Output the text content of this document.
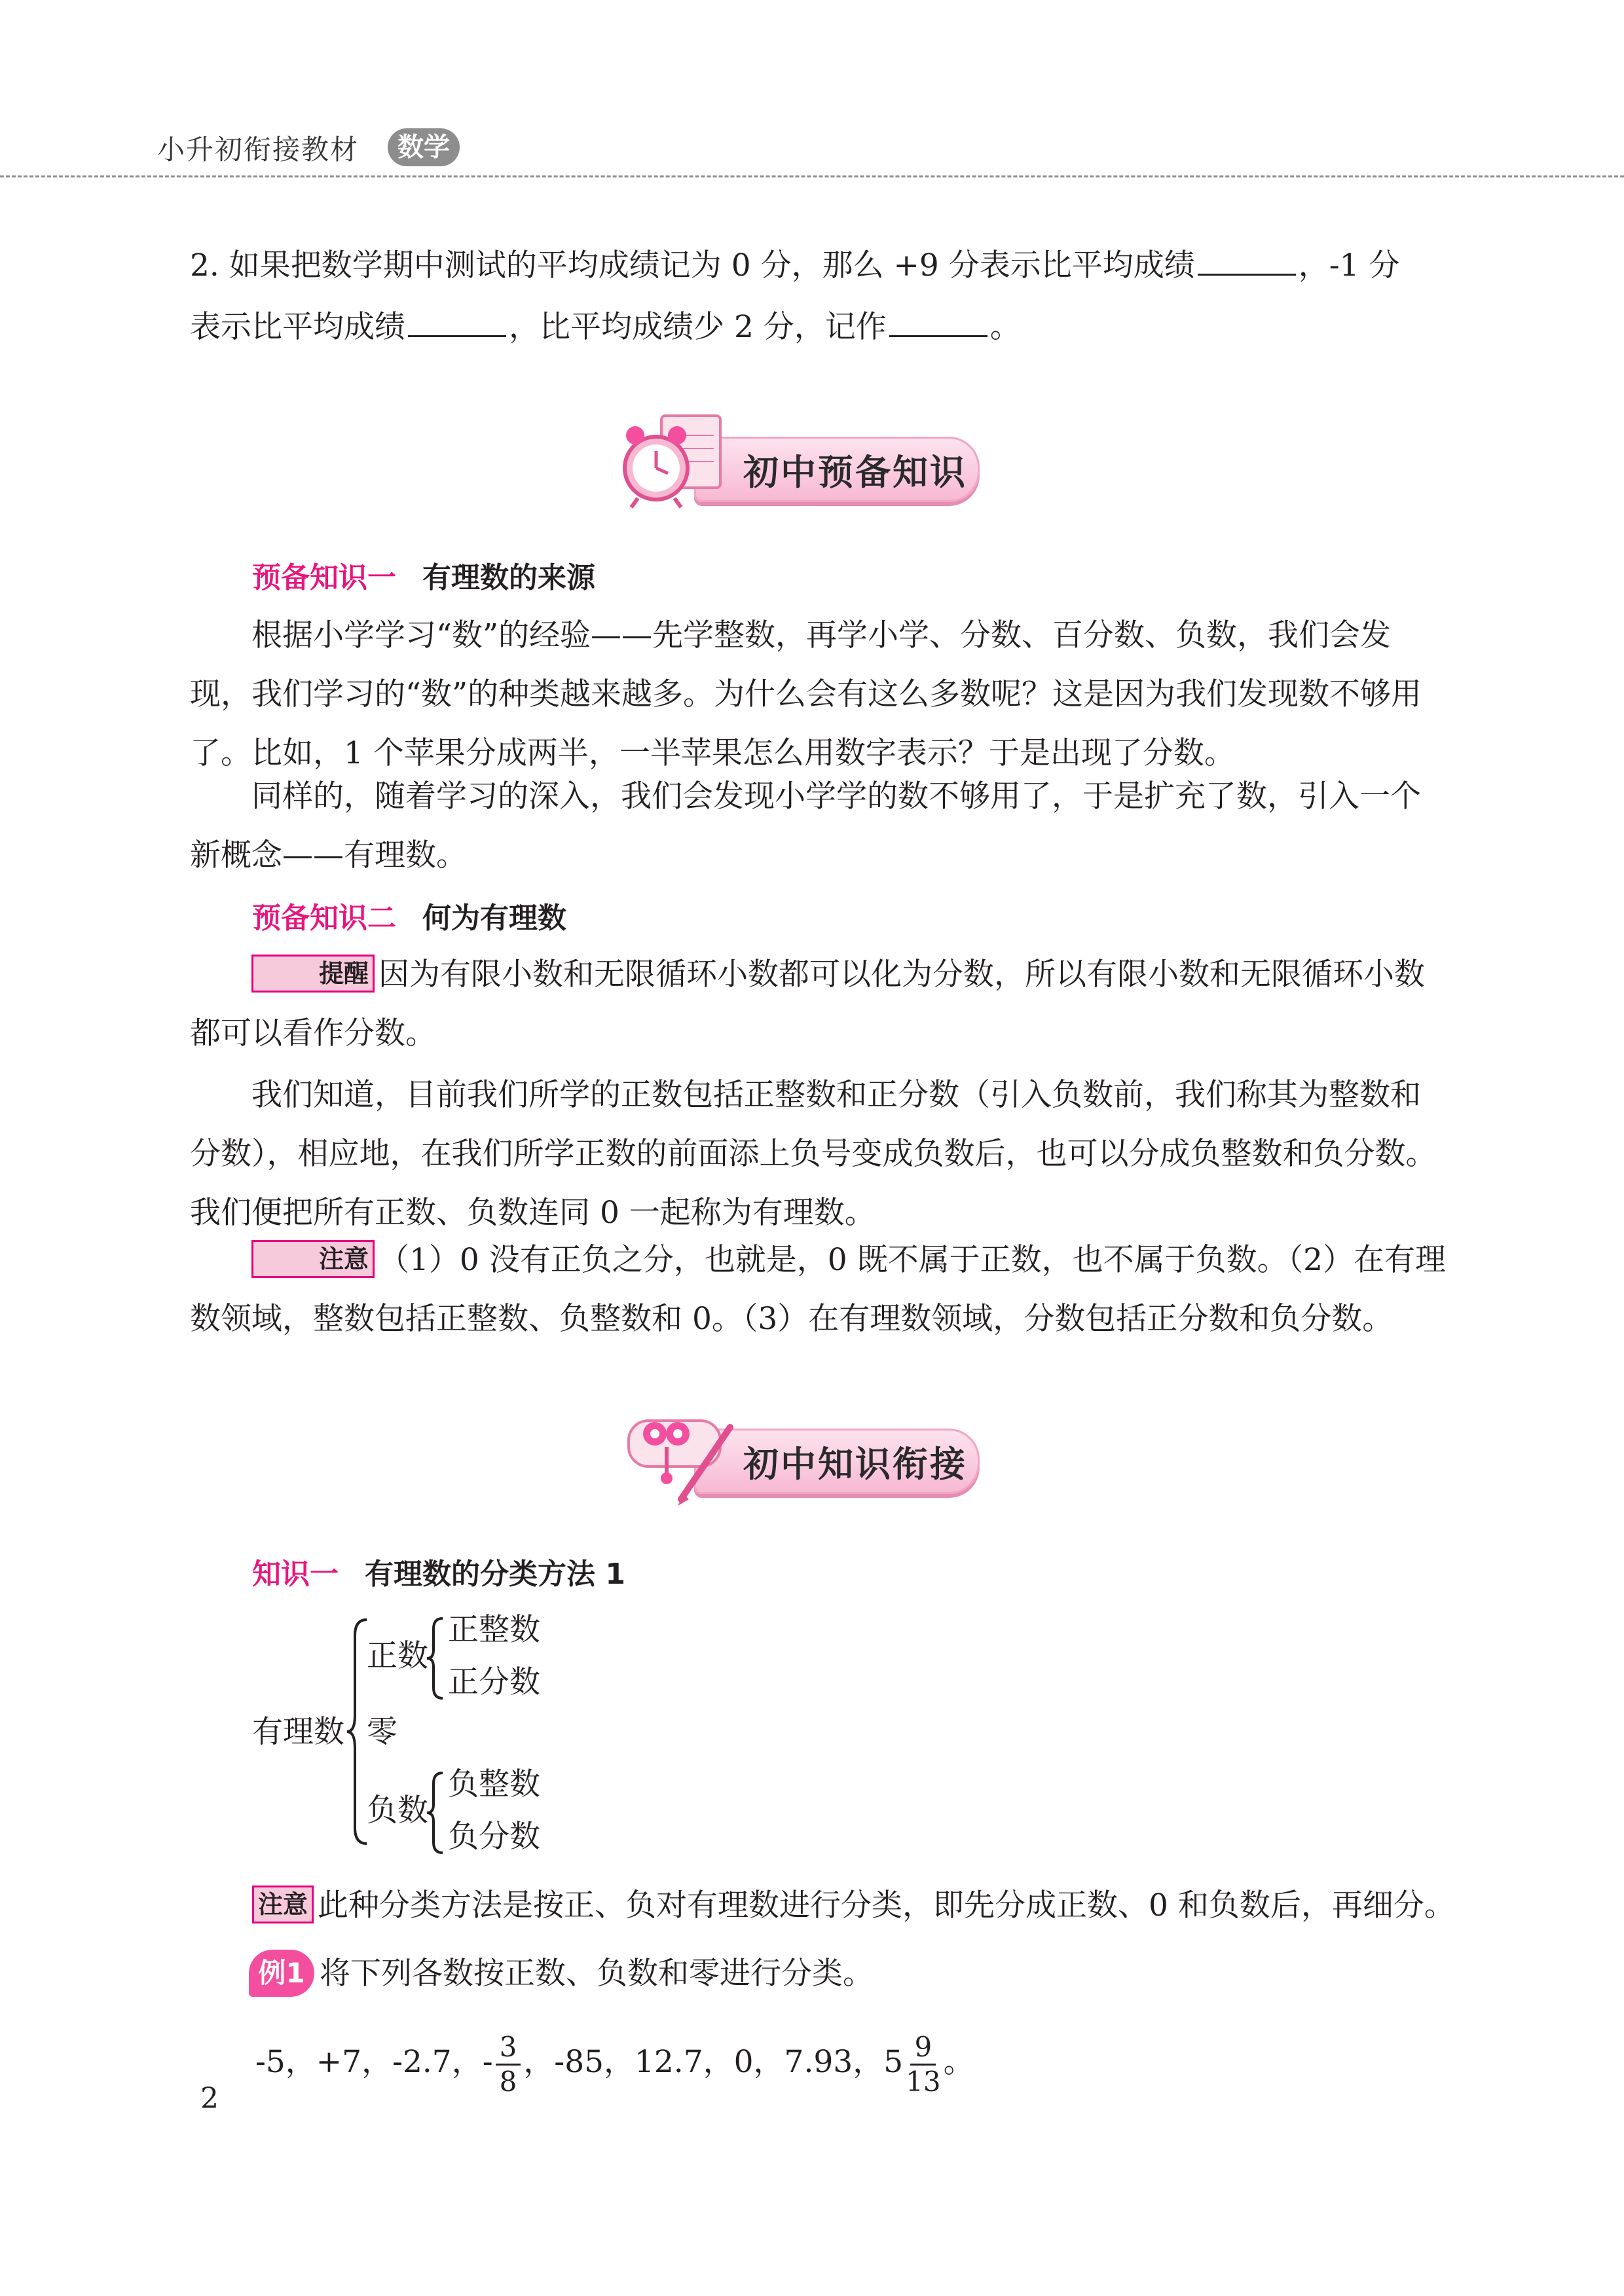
小升初衔接教材	数学
2. 如果把数学期中测试的平均成绩记为 0 分，那么 +9 分表示比平均成绩	，-1 分
表示比平均成绩	，比平均成绩少 2 分，记作	。
初中预备知识
预备知识一 有理数的来源
根据小学学习“数”的经验——先学整数，再学小学、分数、百分数、负数，我们会发现，我们学习的“数”的种类越来越多。为什么会有这么多数呢？这是因为我们发现数不够用了。比如，1 个苹果分成两半，一半苹果怎么用数字表示？于是出现了分数。
同样的，随着学习的深入，我们会发现小学学的数不够用了，于是扩充了数，引入一个新概念——有理数。
预备知识二 何为有理数
提醒 因为有限小数和无限循环小数都可以化为分数，所以有限小数和无限循环小数都可以看作分数。
我们知道，目前我们所学的正数包括正整数和正分数（引入负数前，我们称其为整数和分数），相应地，在我们所学正数的前面添上负号变成负数后，也可以分成负整数和负分数。我们便把所有正数、负数连同 0 一起称为有理数。
注意 （1）0 没有正负之分，也就是，0 既不属于正数，也不属于负数。（2）在有理数领域，整数包括正整数、负整数和 0。（3）在有理数领域，分数包括正分数和负分数。
初中知识衔接
知识一 有理数的分类方法 1
有理数
正数
正整数
正分数
零
负数
负整数
负分数
注意 此种分类方法是按正、负对有理数进行分类，即先分成正数、0 和负数后，再细分。
例1 将下列各数按正数、负数和零进行分类。
-5，+7，-2.7，- $\frac{3}{8}$ ，-85，12.7，0，7.93，$5 \frac{9}{13}$ 。
2
